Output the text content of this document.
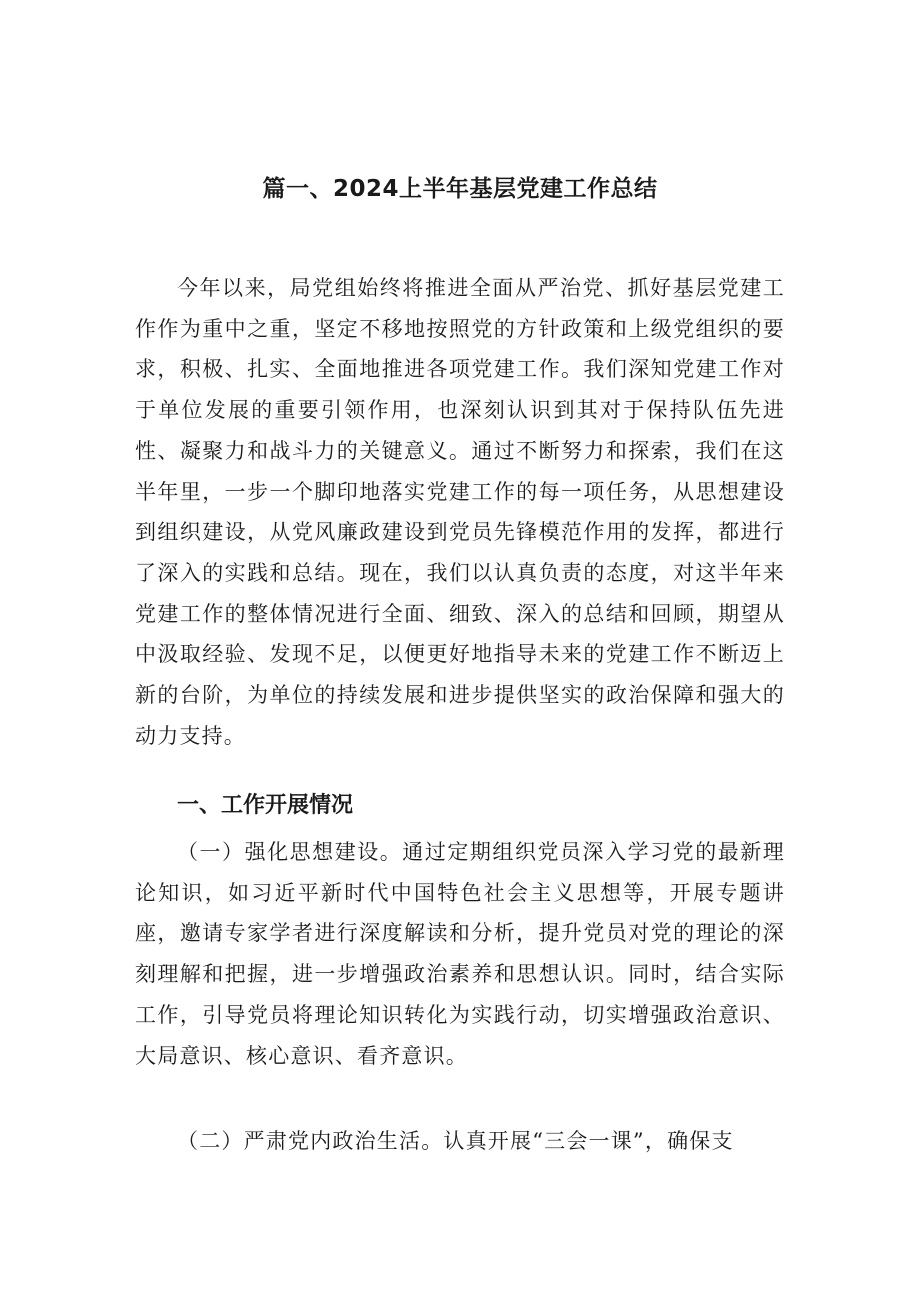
篇一、2024上半年基层党建工作总结

今年以来，局党组始终将推进全面从严治党、抓好基层党建工作作为重中之重，坚定不移地按照党的方针政策和上级党组织的要求，积极、扎实、全面地推进各项党建工作。我们深知党建工作对于单位发展的重要引领作用，也深刻认识到其对于保持队伍先进性、凝聚力和战斗力的关键意义。通过不断努力和探索，我们在这半年里，一步一个脚印地落实党建工作的每一项任务，从思想建设到组织建设，从党风廉政建设到党员先锋模范作用的发挥，都进行了深入的实践和总结。现在，我们以认真负责的态度，对这半年来党建工作的整体情况进行全面、细致、深入的总结和回顾，期望从中汲取经验、发现不足，以便更好地指导未来的党建工作不断迈上新的台阶，为单位的持续发展和进步提供坚实的政治保障和强大的动力支持。

一、工作开展情况

（一）强化思想建设。通过定期组织党员深入学习党的最新理论知识，如习近平新时代中国特色社会主义思想等，开展专题讲座，邀请专家学者进行深度解读和分析，提升党员对党的理论的深刻理解和把握，进一步增强政治素养和思想认识。同时，结合实际工作，引导党员将理论知识转化为实践行动，切实增强政治意识、大局意识、核心意识、看齐意识。

（二）严肃党内政治生活。认真开展“三会一课”，确保支
